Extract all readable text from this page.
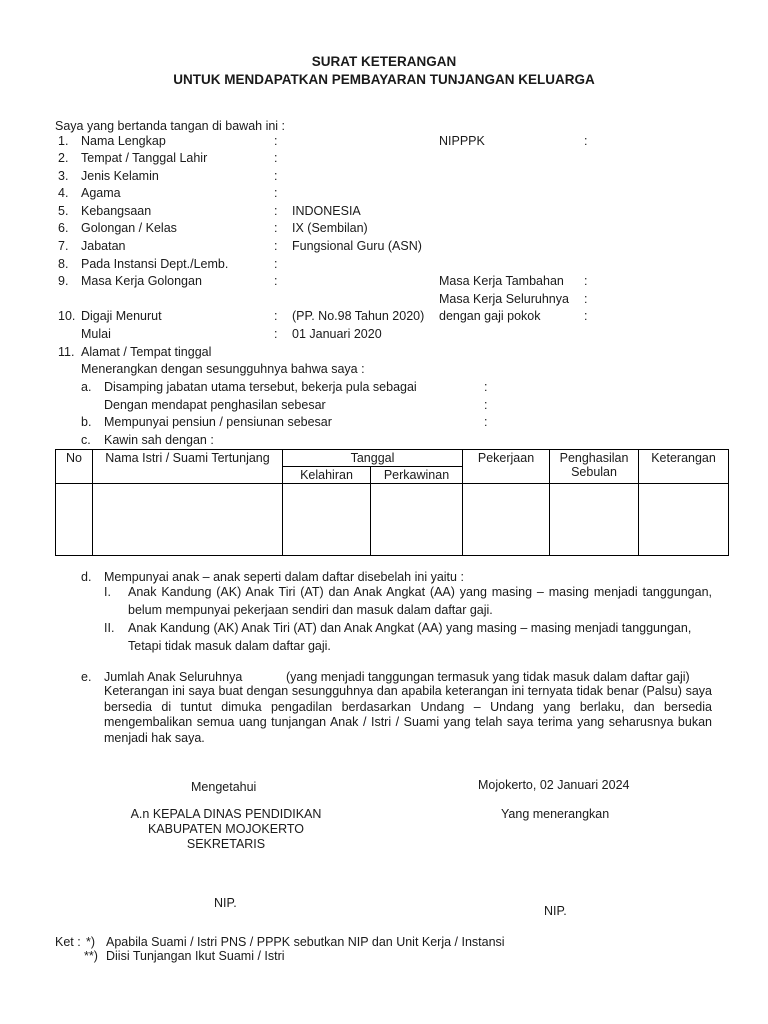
SURAT KETERANGAN
UNTUK MENDAPATKAN PEMBAYARAN TUNJANGAN KELUARGA
Saya yang bertanda tangan di bawah ini :
1. Nama Lengkap	:
2. Tempat / Tanggal Lahir	:
3. Jenis Kelamin	:
4. Agama	:
5. Kebangsaan	: INDONESIA
6. Golongan / Kelas	: IX (Sembilan)
7. Jabatan	: Fungsional Guru (ASN)
8. Pada Instansi Dept./Lemb.	:
9. Masa Kerja Golongan	:
10. Digaji Menurut	: (PP. No.98 Tahun 2020)
Mulai	: 01 Januari 2020
11. Alamat / Tempat tinggal
NIPPPK	:
Masa Kerja Tambahan :
Masa Kerja Seluruhnya :
dengan gaji pokok	:
Menerangkan dengan sesungguhnya bahwa saya :
a. Disamping jabatan utama tersebut, bekerja pula sebagai	:
Dengan mendapat penghasilan sebesar	:
b. Mempunyai pensiun / pensiunan sebesar	:
c. Kawin sah dengan :
No	Nama Istri / Suami Tertunjang	Tanggal		Pekerjaan	Penghasilan Sebulan	Keterangan
		Kelahiran	Perkawinan			

d. Mempunyai anak – anak seperti dalam daftar disebelah ini yaitu :
I. Anak Kandung (AK) Anak Tiri (AT) dan Anak Angkat (AA) yang masing – masing menjadi tanggungan,
belum mempunyai pekerjaan sendiri dan masuk dalam daftar gaji.
II. Anak Kandung (AK) Anak Tiri (AT) dan Anak Angkat (AA) yang masing – masing menjadi tanggungan,
Tetapi tidak masuk dalam daftar gaji.
e. Jumlah Anak Seluruhnya	(yang menjadi tanggungan termasuk yang tidak masuk dalam daftar gaji)
Keterangan ini saya buat dengan sesungguhnya dan apabila keterangan ini ternyata tidak benar (Palsu) saya bersedia di tuntut dimuka pengadilan berdasarkan Undang – Undang yang berlaku, dan bersedia mengembalikan semua uang tunjangan Anak / Istri / Suami yang telah saya terima yang seharusnya bukan menjadi hak saya.
Mengetahui	Mojokerto, 02 Januari 2024
A.n KEPALA DINAS PENDIDIKAN
KABUPATEN MOJOKERTO
SEKRETARIS
Yang menerangkan
NIP.
NIP.
Ket : *) Apabila Suami / Istri PNS / PPPK sebutkan NIP dan Unit Kerja / Instansi
**) Diisi Tunjangan Ikut Suami / Istri
